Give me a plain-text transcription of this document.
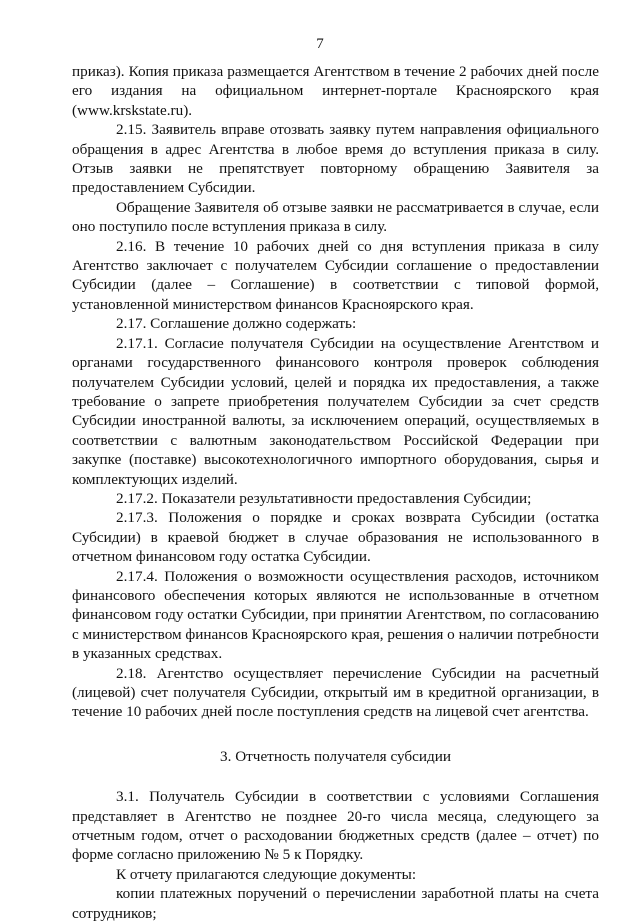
7

приказ). Копия приказа размещается Агентством в течение 2 рабочих дней после его издания на официальном интернет-портале Красноярского края (www.krskstate.ru).

2.15. Заявитель вправе отозвать заявку путем направления официального обращения в адрес Агентства в любое время до вступления приказа в силу. Отзыв заявки не препятствует повторному обращению Заявителя за предоставлением Субсидии.

Обращение Заявителя об отзыве заявки не рассматривается в случае, если оно поступило после вступления приказа в силу.

2.16. В течение 10 рабочих дней со дня вступления приказа в силу Агентство заключает с получателем Субсидии соглашение о предоставлении Субсидии (далее – Соглашение) в соответствии с типовой формой, установленной министерством финансов Красноярского края.

2.17. Соглашение должно содержать:

2.17.1. Согласие получателя Субсидии на осуществление Агентством и органами государственного финансового контроля проверок соблюдения получателем Субсидии условий, целей и порядка их предоставления, а также требование о запрете приобретения получателем Субсидии за счет средств Субсидии иностранной валюты, за исключением операций, осуществляемых в соответствии с валютным законодательством Российской Федерации при закупке (поставке) высокотехнологичного импортного оборудования, сырья и комплектующих изделий.

2.17.2. Показатели результативности предоставления Субсидии;

2.17.3. Положения о порядке и сроках возврата Субсидии (остатка Субсидии) в краевой бюджет в случае образования не использованного в отчетном финансовом году остатка Субсидии.

2.17.4. Положения о возможности осуществления расходов, источником финансового обеспечения которых являются не использованные в отчетном финансовом году остатки Субсидии, при принятии Агентством, по согласованию с министерством финансов Красноярского края, решения о наличии потребности в указанных средствах.

2.18. Агентство осуществляет перечисление Субсидии на расчетный (лицевой) счет получателя Субсидии, открытый им в кредитной организации, в течение 10 рабочих дней после поступления средств на лицевой счет агентства.

3. Отчетность получателя субсидии

3.1. Получатель Субсидии в соответствии с условиями Соглашения представляет в Агентство не позднее 20-го числа месяца, следующего за отчетным годом, отчет о расходовании бюджетных средств (далее – отчет) по форме согласно приложению № 5 к Порядку.

К отчету прилагаются следующие документы:

копии платежных поручений о перечислении заработной платы на счета сотрудников;
